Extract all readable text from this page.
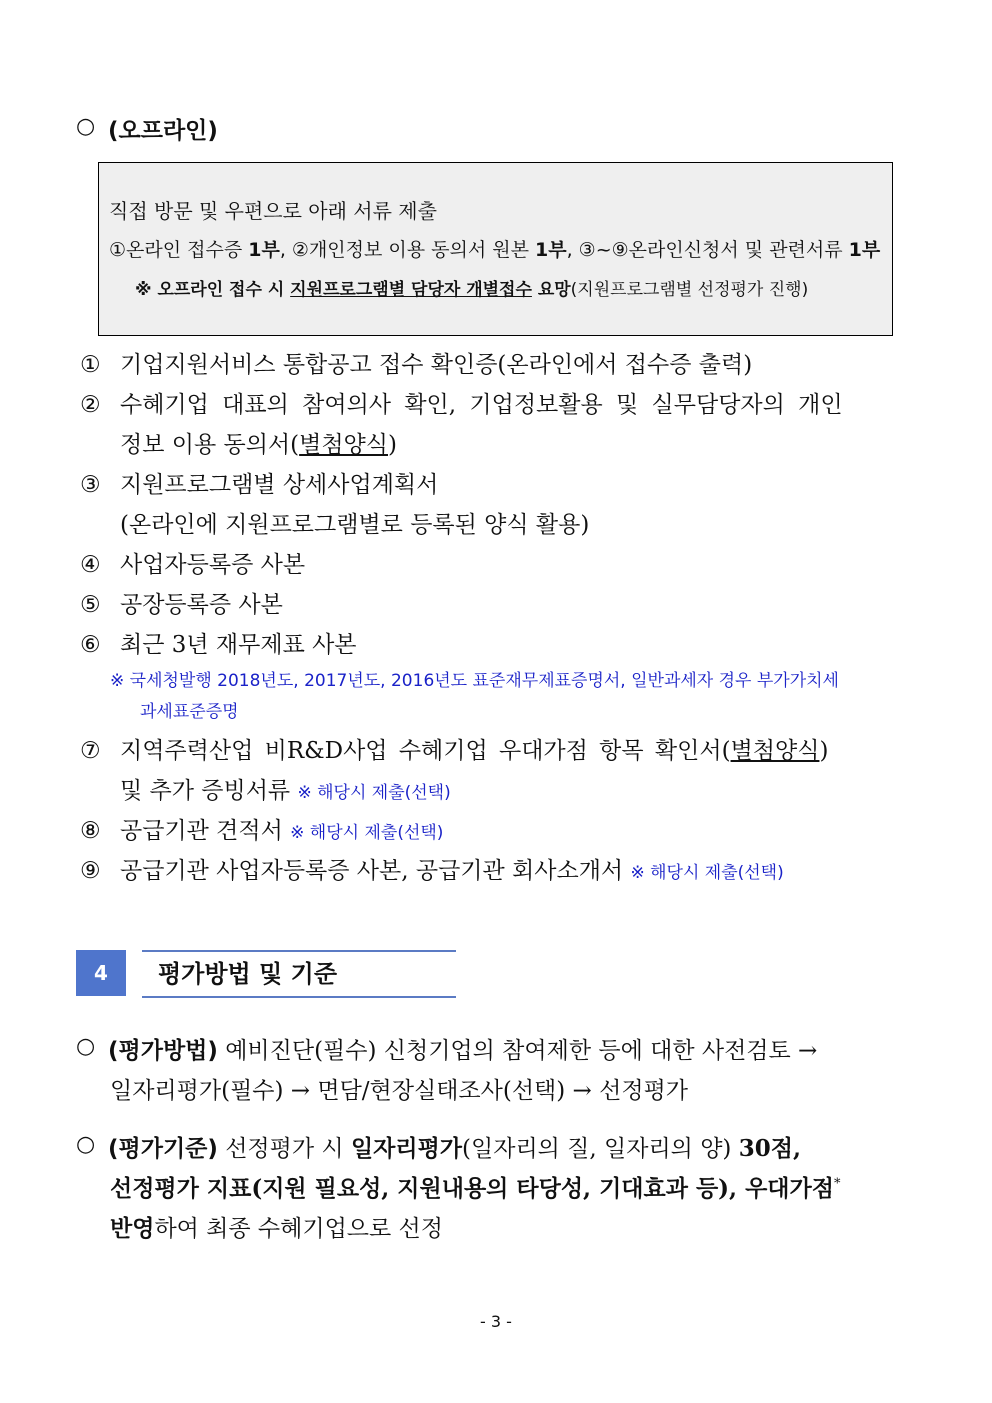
○ (오프라인)
직접 방문 및 우편으로 아래 서류 제출
①온라인 접수증 1부, ②개인정보 이용 동의서 원본 1부, ③~⑨온라인신청서 및 관련서류 1부
※ 오프라인 접수 시 지원프로그램별 담당자 개별접수 요망(지원프로그램별 선정평가 진행)
① 기업지원서비스 통합공고 접수 확인증(온라인에서 접수증 출력)
② 수혜기업 대표의 참여의사 확인, 기업정보활용 및 실무담당자의 개인
정보 이용 동의서(별첨양식)
③ 지원프로그램별 상세사업계획서
(온라인에 지원프로그램별로 등록된 양식 활용)
④ 사업자등록증 사본
⑤ 공장등록증 사본
⑥ 최근 3년 재무제표 사본
※ 국세청발행 2018년도, 2017년도, 2016년도 표준재무제표증명서, 일반과세자 경우 부가가치세
과세표준증명
⑦ 지역주력산업 비R&D사업 수혜기업 우대가점 항목 확인서(별첨양식)
및 추가 증빙서류 ※ 해당시 제출(선택)
⑧ 공급기관 견적서 ※ 해당시 제출(선택)
⑨ 공급기관 사업자등록증 사본, 공급기관 회사소개서 ※ 해당시 제출(선택)
4	평가방법 및 기준
○ (평가방법) 예비진단(필수) 신청기업의 참여제한 등에 대한 사전검토 →
일자리평가(필수) → 면담/현장실태조사(선택) → 선정평가
○ (평가기준) 선정평가 시 일자리평가(일자리의 질, 일자리의 양) 30점,
선정평가 지표(지원 필요성, 지원내용의 타당성, 기대효과 등), 우대가점*
반영하여 최종 수혜기업으로 선정
- 3 -
